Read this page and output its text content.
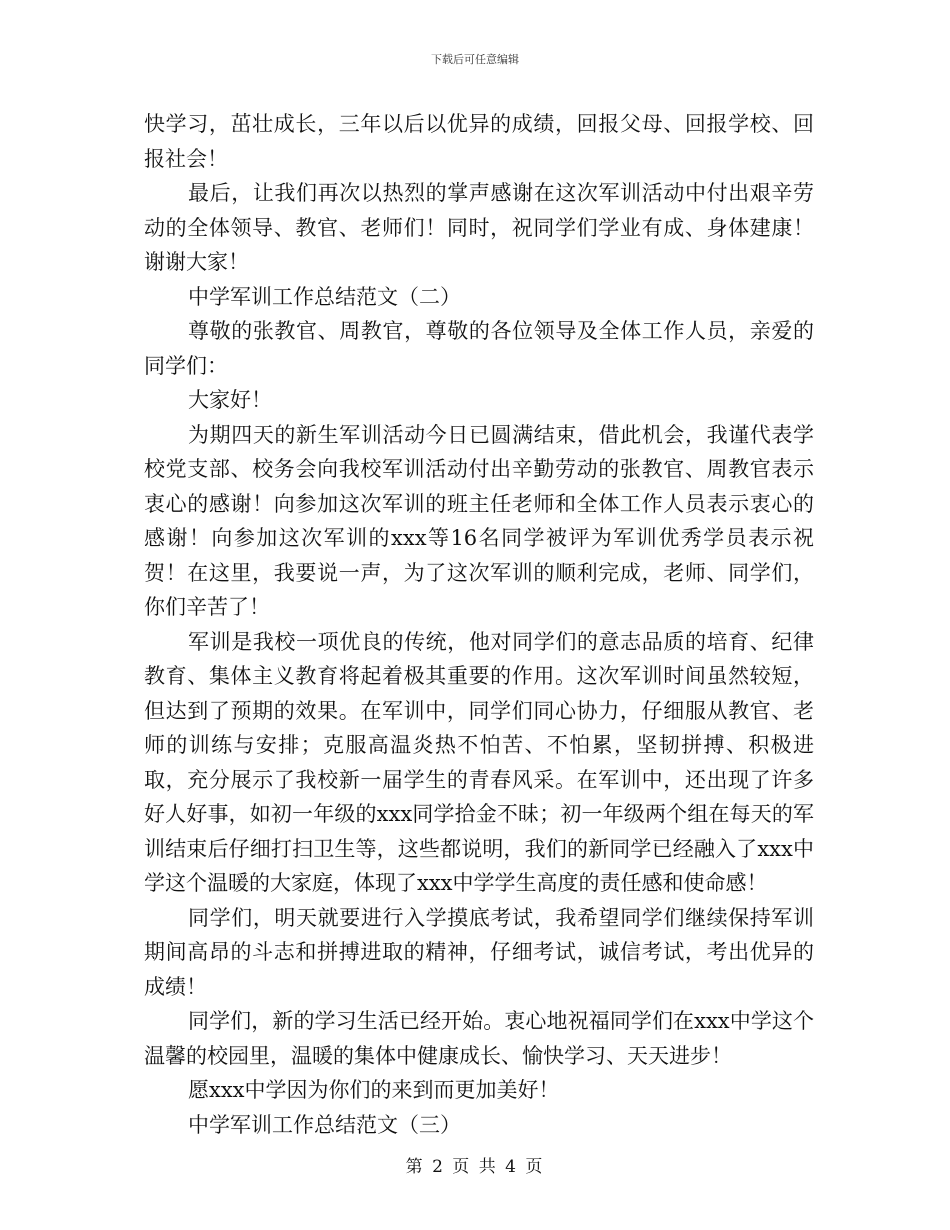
下载后可任意编辑

快学习，茁壮成长，三年以后以优异的成绩，回报父母、回报学校、回报社会！

最后，让我们再次以热烈的掌声感谢在这次军训活动中付出艰辛劳动的全体领导、教官、老师们！同时，祝同学们学业有成、身体建康！ 谢谢大家！

中学军训工作总结范文（二）

尊敬的张教官、周教官，尊敬的各位领导及全体工作人员，亲爱的同学们：

大家好！

为期四天的新生军训活动今日已圆满结束，借此机会，我谨代表学校党支部、校务会向我校军训活动付出辛勤劳动的张教官、周教官表示衷心的感谢！向参加这次军训的班主任老师和全体工作人员表示衷心的感谢！向参加这次军训的xxx等16名同学被评为军训优秀学员表示祝贺！在这里，我要说一声，为了这次军训的顺利完成，老师、同学们，你们辛苦了！

军训是我校一项优良的传统，他对同学们的意志品质的培育、纪律教育、集体主义教育将起着极其重要的作用。这次军训时间虽然较短，但达到了预期的效果。在军训中，同学们同心协力，仔细服从教官、老师的训练与安排；克服高温炎热不怕苦、不怕累，坚韧拼搏、积极进取，充分展示了我校新一届学生的青春风采。在军训中，还出现了许多好人好事，如初一年级的xxx同学拾金不昧；初一年级两个组在每天的军训结束后仔细打扫卫生等，这些都说明，我们的新同学已经融入了xxx中学这个温暖的大家庭，体现了xxx中学学生高度的责任感和使命感！

同学们，明天就要进行入学摸底考试，我希望同学们继续保持军训期间高昂的斗志和拼搏进取的精神，仔细考试，诚信考试，考出优异的成绩！

同学们，新的学习生活已经开始。衷心地祝福同学们在xxx中学这个温馨的校园里，温暖的集体中健康成长、愉快学习、天天进步！

愿xxx中学因为你们的来到而更加美好！

中学军训工作总结范文（三）

第 2 页 共 4 页
